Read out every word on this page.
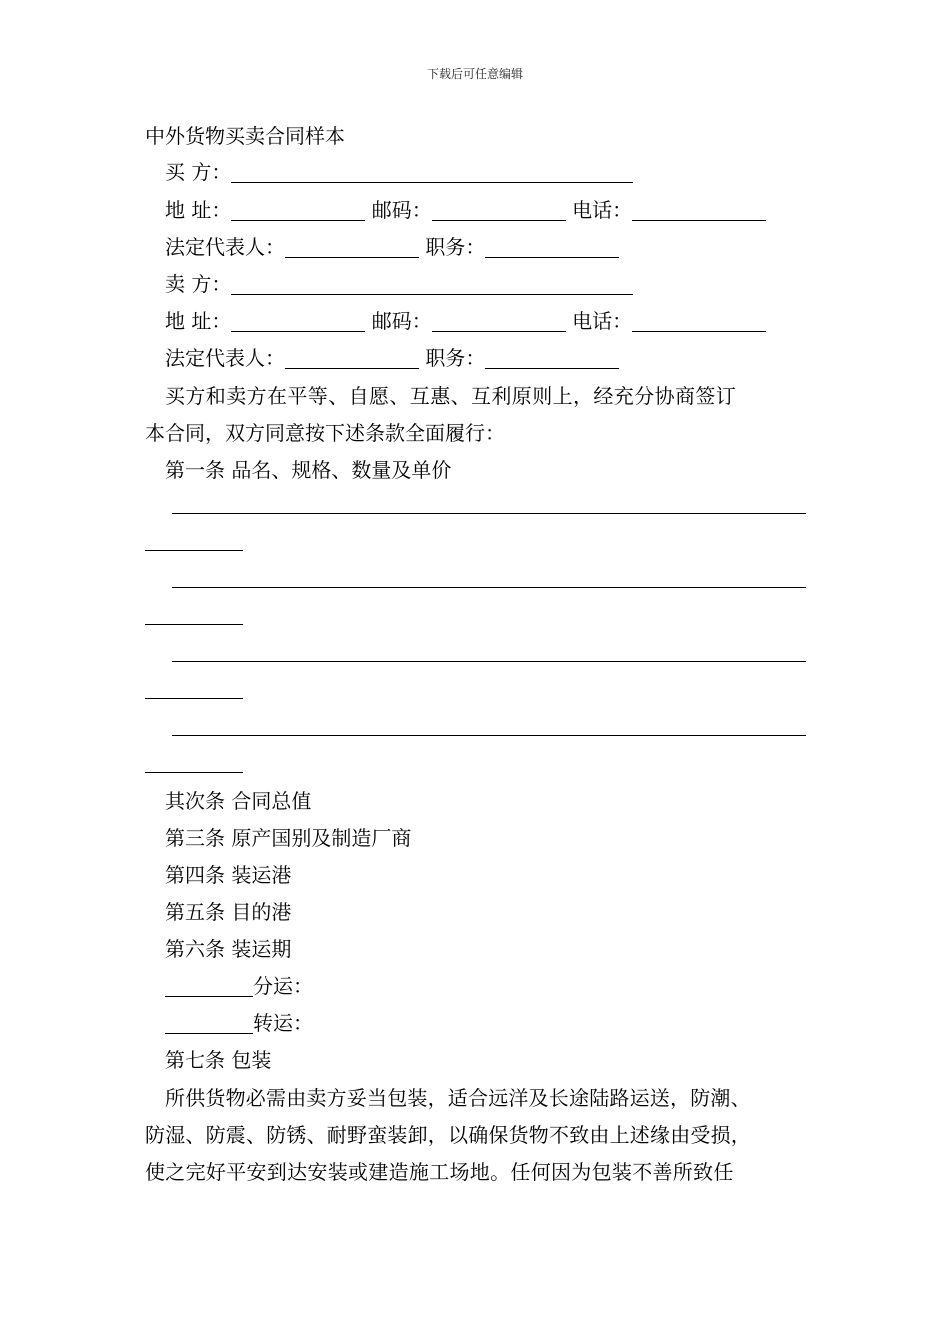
下载后可任意编辑
中外货物买卖合同样本
买 方：
地 址：	邮码：	电话：
法定代表人：	职务：
卖 方：
地 址：	邮码：	电话：
法定代表人：	职务：
买方和卖方在平等、自愿、互惠、互利原则上，经充分协商签订
本合同，双方同意按下述条款全面履行：
第一条 品名、规格、数量及单价
其次条 合同总值
第三条 原产国别及制造厂商
第四条 装运港
第五条 目的港
第六条 装运期
分运：
转运：
第七条 包装
所供货物必需由卖方妥当包装，适合远洋及长途陆路运送，防潮、
防湿、防震、防锈、耐野蛮装卸，以确保货物不致由上述缘由受损，
使之完好平安到达安装或建造施工场地。任何因为包装不善所致任
